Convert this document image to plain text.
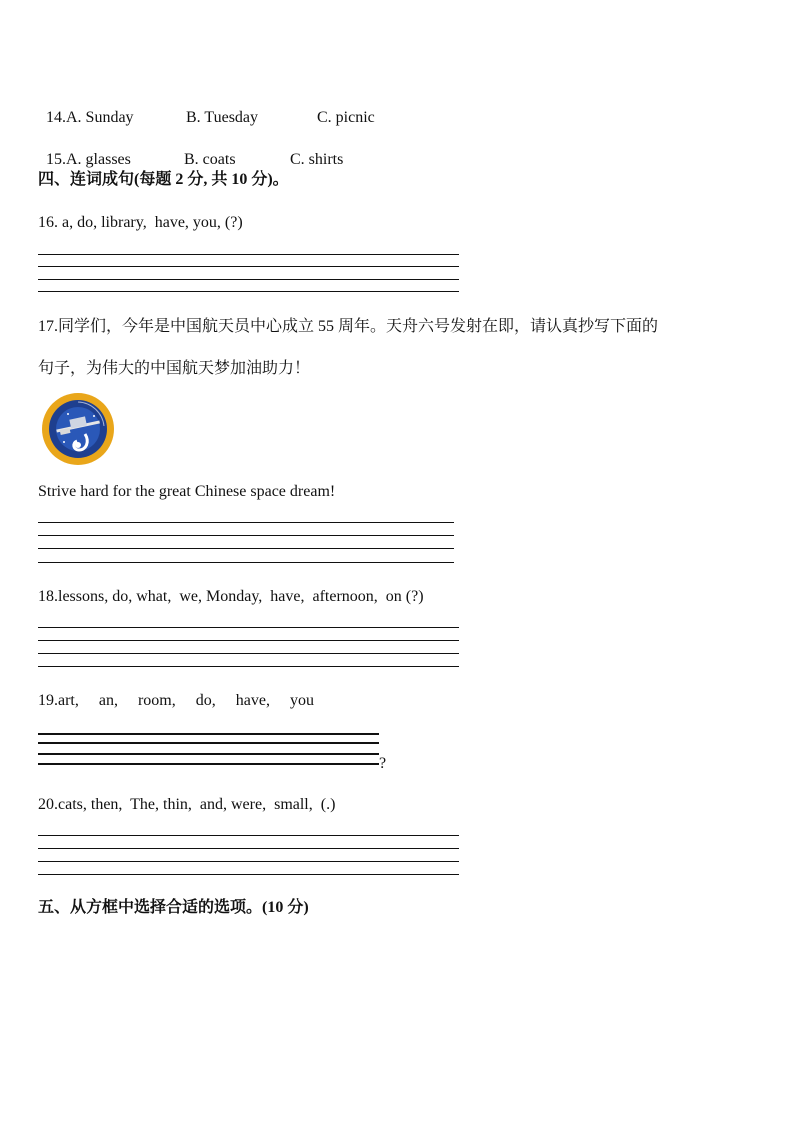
14.A. Sunday	B. Tuesday	C. picnic

15.A. glasses	B. coats	C. shirts

四、连词成句(每题 2 分, 共 10 分)。
16. a, do, library,  have, you, (?)
17.同学们，今年是中国航天员中心成立 55 周年。天舟六号发射在即，请认真抄写下面的
句子，为伟大的中国航天梦加油助力！
Strive hard for the great Chinese space dream!
18.lessons, do, what,  we, Monday,  have,  afternoon,  on (?)
19.art,     an,     room,     do,     have,     you
?
20.cats, then,  The, thin,  and, were,  small,  (.)
五、从方框中选择合适的选项。(10 分)
